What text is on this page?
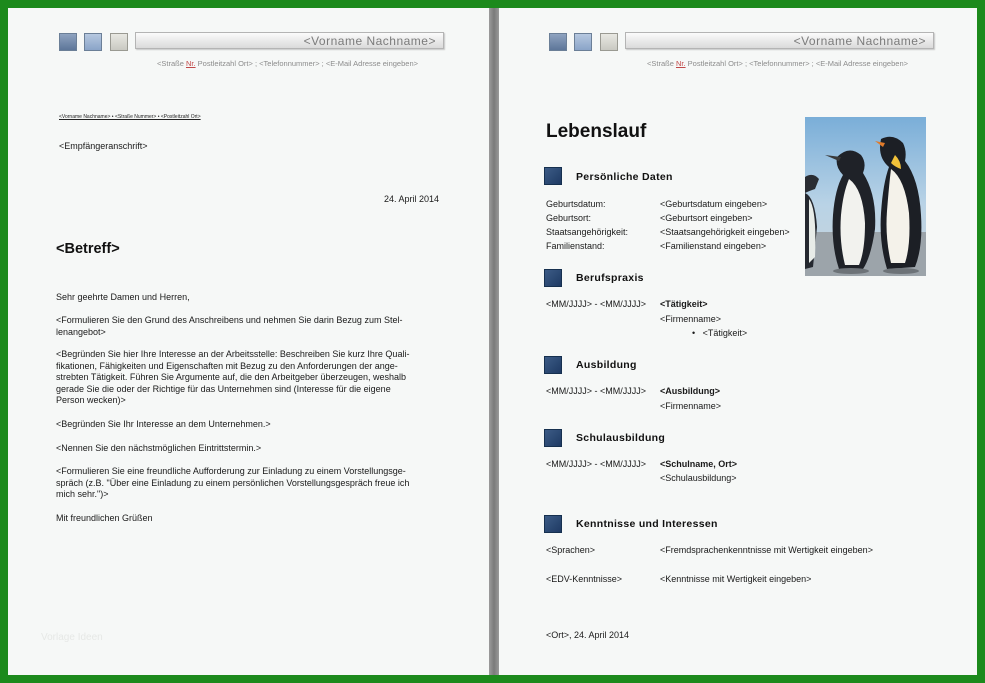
<Vorname Nachname>
<Straße Nr. Postleitzahl Ort> ; <Telefonnummer> ; <E-Mail Adresse eingeben>
<Vorname Nachname> • <Straße Nummer> • <Postleitzahl Ort>
<Empfängeranschrift>
24. April 2014
<Betreff>
Sehr geehrte Damen und Herren,
<Formulieren Sie den Grund des Anschreibens und nehmen Sie darin Bezug zum Stel-
lenangebot>
<Begründen Sie hier Ihre Interesse an der Arbeitsstelle: Beschreiben Sie kurz Ihre Quali-
fikationen, Fähigkeiten und Eigenschaften mit Bezug zu den Anforderungen der ange-
strebten Tätigkeit. Führen Sie Argumente auf, die den Arbeitgeber überzeugen, weshalb
gerade Sie die oder der Richtige für das Unternehmen sind (Interesse für die eigene
Person wecken)>
<Begründen Sie Ihr Interesse an dem Unternehmen.>
<Nennen Sie den nächstmöglichen Eintrittstermin.>
<Formulieren Sie eine freundliche Aufforderung zur Einladung zu einem Vorstellungsge-
spräch (z.B. "Über eine Einladung zu einem persönlichen Vorstellungsgespräch freue ich
mich sehr.")>
Mit freundlichen Grüßen
Vorlage Ideen
<Vorname Nachname>
<Straße Nr. Postleitzahl Ort> ; <Telefonnummer> ; <E-Mail Adresse eingeben>
Lebenslauf
Persönliche Daten
Geburtsdatum:	<Geburtsdatum eingeben>
Geburtsort:	<Geburtsort eingeben>
Staatsangehörigkeit:	<Staatsangehörigkeit eingeben>
Familienstand:	<Familienstand eingeben>
Berufspraxis
<MM/JJJJ> - <MM/JJJJ> <Tätigkeit>
<Firmenname>
•   <Tätigkeit>
Ausbildung
<MM/JJJJ> - <MM/JJJJ> <Ausbildung>
<Firmenname>
Schulausbildung
<MM/JJJJ> - <MM/JJJJ> <Schulname, Ort>
<Schulausbildung>
Kenntnisse und Interessen
<Sprachen>	<Fremdsprachenkenntnisse mit Wertigkeit eingeben>
<EDV-Kenntnisse>	<Kenntnisse mit Wertigkeit eingeben>
<Ort>, 24. April 2014
